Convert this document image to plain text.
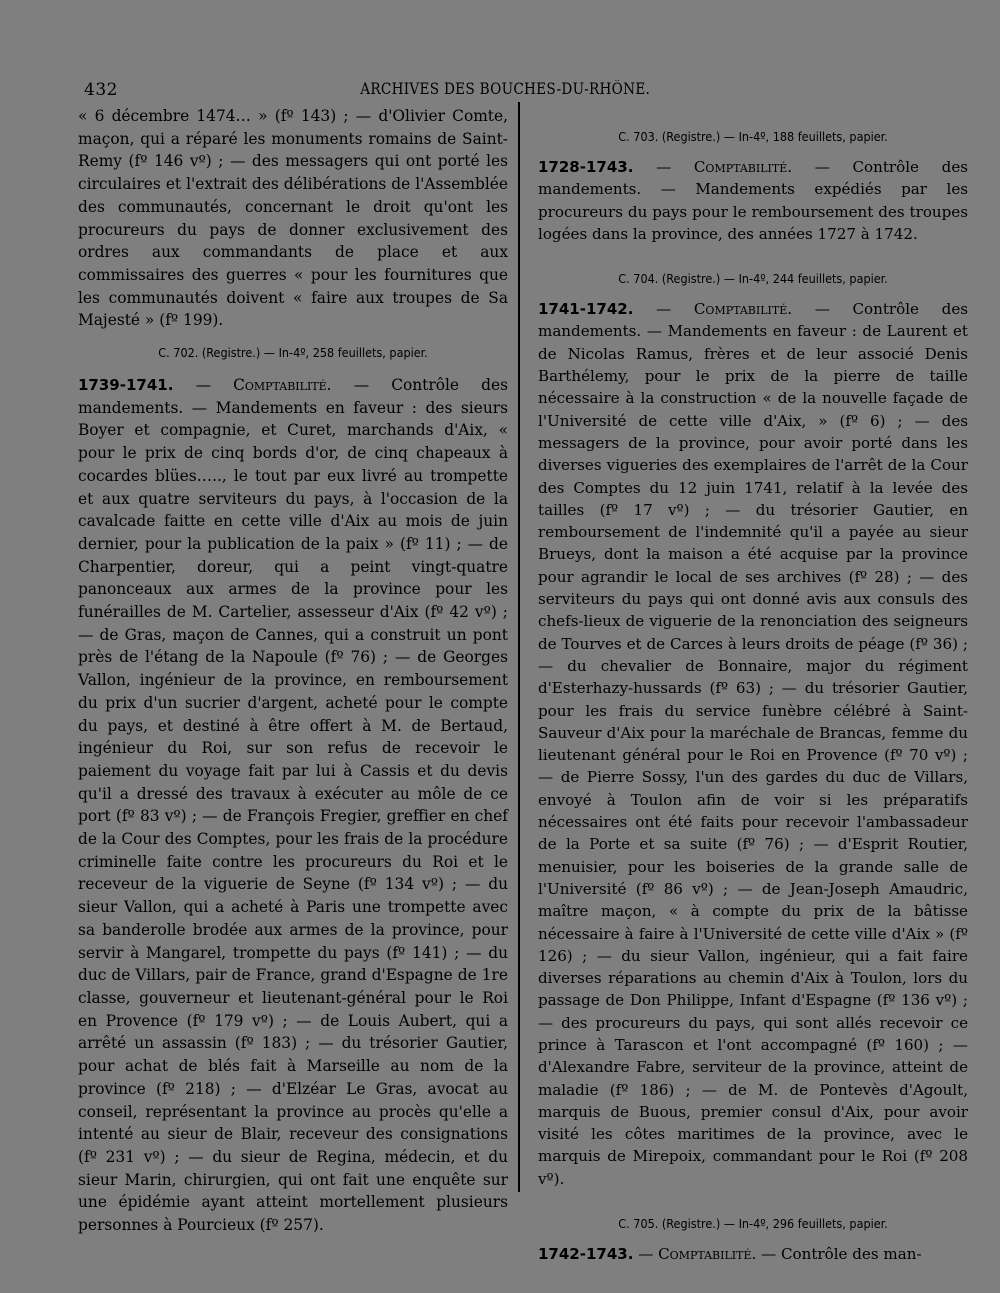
432	ARCHIVES DES BOUCHES-DU-RHÔNE.

« 6 décembre 1474… » (fº 143) ; — d'Olivier Comte, maçon, qui a réparé les monuments romains de Saint-Remy (fº 146 vº) ; — des messagers qui ont porté les circulaires et l'extrait des délibérations de l'Assemblée des communautés, concernant le droit qu'ont les procureurs du pays de donner exclusivement des ordres aux commandants de place et aux commissaires des guerres « pour les fournitures que les communautés doivent « faire aux troupes de Sa Majesté » (fº 199).

C. 702. (Registre.) — In-4º, 258 feuillets, papier.

1739-1741. — Comptabilité. — Contrôle des mandements. — Mandements en faveur : des sieurs Boyer et compagnie, et Curet, marchands d'Aix, « pour le prix de cinq bords d'or, de cinq chapeaux à cocardes blües….., le tout par eux livré au trompette et aux quatre serviteurs du pays, à l'occasion de la cavalcade faitte en cette ville d'Aix au mois de juin dernier, pour la publication de la paix » (fº 11) ; — de Charpentier, doreur, qui a peint vingt-quatre panonceaux aux armes de la province pour les funérailles de M. Cartelier, assesseur d'Aix (fº 42 vº) ; — de Gras, maçon de Cannes, qui a construit un pont près de l'étang de la Napoule (fº 76) ; — de Georges Vallon, ingénieur de la province, en remboursement du prix d'un sucrier d'argent, acheté pour le compte du pays, et destiné à être offert à M. de Bertaud, ingénieur du Roi, sur son refus de recevoir le paiement du voyage fait par lui à Cassis et du devis qu'il a dressé des travaux à exécuter au môle de ce port (fº 83 vº) ; — de François Fregier, greffier en chef de la Cour des Comptes, pour les frais de la procédure criminelle faite contre les procureurs du Roi et le receveur de la viguerie de Seyne (fº 134 vº) ; — du sieur Vallon, qui a acheté à Paris une trompette avec sa banderolle brodée aux armes de la province, pour servir à Mangarel, trompette du pays (fº 141) ; — du duc de Villars, pair de France, grand d'Espagne de 1re classe, gouverneur et lieutenant-général pour le Roi en Provence (fº 179 vº) ; — de Louis Aubert, qui a arrêté un assassin (fº 183) ; — du trésorier Gautier, pour achat de blés fait à Marseille au nom de la province (fº 218) ; — d'Elzéar Le Gras, avocat au conseil, représentant la province au procès qu'elle a intenté au sieur de Blair, receveur des consignations (fº 231 vº) ; — du sieur de Regina, médecin, et du sieur Marin, chirurgien, qui ont fait une enquête sur une épidémie ayant atteint mortellement plusieurs personnes à Pourcieux (fº 257).

C. 703. (Registre.) — In-4º, 188 feuillets, papier.

1728-1743. — Comptabilité. — Contrôle des mandements. — Mandements expédiés par les procureurs du pays pour le remboursement des troupes logées dans la province, des années 1727 à 1742.

C. 704. (Registre.) — In-4º, 244 feuillets, papier.

1741-1742. — Comptabilité. — Contrôle des mandements. — Mandements en faveur : de Laurent et de Nicolas Ramus, frères et de leur associé Denis Barthélemy, pour le prix de la pierre de taille nécessaire à la construction « de la nouvelle façade de l'Université de cette ville d'Aix, » (fº 6) ; — des messagers de la province, pour avoir porté dans les diverses vigueries des exemplaires de l'arrêt de la Cour des Comptes du 12 juin 1741, relatif à la levée des tailles (fº 17 vº) ; — du trésorier Gautier, en remboursement de l'indemnité qu'il a payée au sieur Brueys, dont la maison a été acquise par la province pour agrandir le local de ses archives (fº 28) ; — des serviteurs du pays qui ont donné avis aux consuls des chefs-lieux de viguerie de la renonciation des seigneurs de Tourves et de Carces à leurs droits de péage (fº 36) ; — du chevalier de Bonnaire, major du régiment d'Esterhazy-hussards (fº 63) ; — du trésorier Gautier, pour les frais du service funèbre célébré à Saint-Sauveur d'Aix pour la maréchale de Brancas, femme du lieutenant général pour le Roi en Provence (fº 70 vº) ; — de Pierre Sossy, l'un des gardes du duc de Villars, envoyé à Toulon afin de voir si les préparatifs nécessaires ont été faits pour recevoir l'ambassadeur de la Porte et sa suite (fº 76) ; — d'Esprit Routier, menuisier, pour les boiseries de la grande salle de l'Université (fº 86 vº) ; — de Jean-Joseph Amaudric, maître maçon, « à compte du prix de la bâtisse nécessaire à faire à l'Université de cette ville d'Aix » (fº 126) ; — du sieur Vallon, ingénieur, qui a fait faire diverses réparations au chemin d'Aix à Toulon, lors du passage de Don Philippe, Infant d'Espagne (fº 136 vº) ; — des procureurs du pays, qui sont allés recevoir ce prince à Tarascon et l'ont accompagné (fº 160) ; — d'Alexandre Fabre, serviteur de la province, atteint de maladie (fº 186) ; — de M. de Pontevès d'Agoult, marquis de Buous, premier consul d'Aix, pour avoir visité les côtes maritimes de la province, avec le marquis de Mirepoix, commandant pour le Roi (fº 208 vº).

C. 705. (Registre.) — In-4º, 296 feuillets, papier.

1742-1743. — Comptabilité. — Contrôle des man-
